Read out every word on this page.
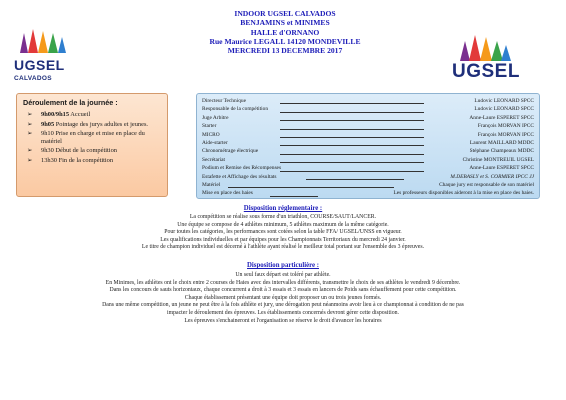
UGSEL
CALVADOS	UGSEL
INDOOR UGSEL CALVADOS
BENJAMINS et MINIMES
HALLE d'ORNANO
Rue Maurice LEGALL 14120 MONDEVILLE
MERCREDI 13 DECEMBRE 2017
Déroulement de la journée :
➢ 9h00/9h15 Accueil
➢ 9h05 Pointage des jurys adultes et jeunes.
➢ 9h10 Prise en charge et mise en place du matériel
➢ 9h30 Début de la compétition
➢ 13h30 Fin de la compétition
Directeur Technique	Ludovic LEONARD SPCC
Responsable de la compétition	Ludovic LEONARD SPCC
Juge Arbitre	Anne-Laure ESPERET SPCC
Starter	François MORVAN IPCC
MICRO	François MORVAN IPCC
Aide-starter	Laurent MAILLARD MDDC
Chronométrage électrique	Stéphane Champeaux MDDC
Secrétariat	Christine MONTREUIL UGSEL
Podium et Remise des Récompenses	Anne-Laure ESPERET SPCC
Estafette et Affichage des résultats	M.DEBASLY et S. CORMIER IPCC JJ
Matériel	Chaque jury est responsable de son matériel
Mise en place des haies	Les professeurs disponibles aideront à la mise en place des haies.
Disposition réglementaire :

La compétition se réalise sous forme d'un triathlon, COURSE/SAUT/LANCER.

Une équipe se compose de 4 athlètes minimum, 5 athlètes maximum de la même catégorie.

Pour toutes les catégories, les performances sont cotées selon la table FFA/ UGSEL/UNSS en vigueur.

Les qualifications individuelles et par équipes pour les Championnats Territoriaux du mercredi 24 janvier.

Le titre de champion individuel est décerné à l'athlète ayant réalisé le meilleur total portant sur l'ensemble des 3 épreuves.

Disposition particulière :

Un seul faux départ est toléré par athlète.

En Minimes, les athlètes ont le choix entre 2 courses de Haies avec des intervalles différents, transmettre le choix de ses athlètes le vendredi 9 décembre.

Dans les concours de sauts horizontaux, chaque concurrent a droit à 3 essais et 3 essais en lancers de Poids sans échauffement pour cette compétition.

Chaque établissement présentant une équipe doit proposer un ou trois jeunes formés.

Dans une même compétition, un jeune ne peut être à la fois athlète et jury, une dérogation peut néanmoins avoir lieu à ce championnat à condition de ne pas

impacter le déroulement des épreuves. Les établissements concernés devront gérer cette disposition.

Les épreuves s'enchaineront et l'organisation se réserve le droit d'avancer les horaires
